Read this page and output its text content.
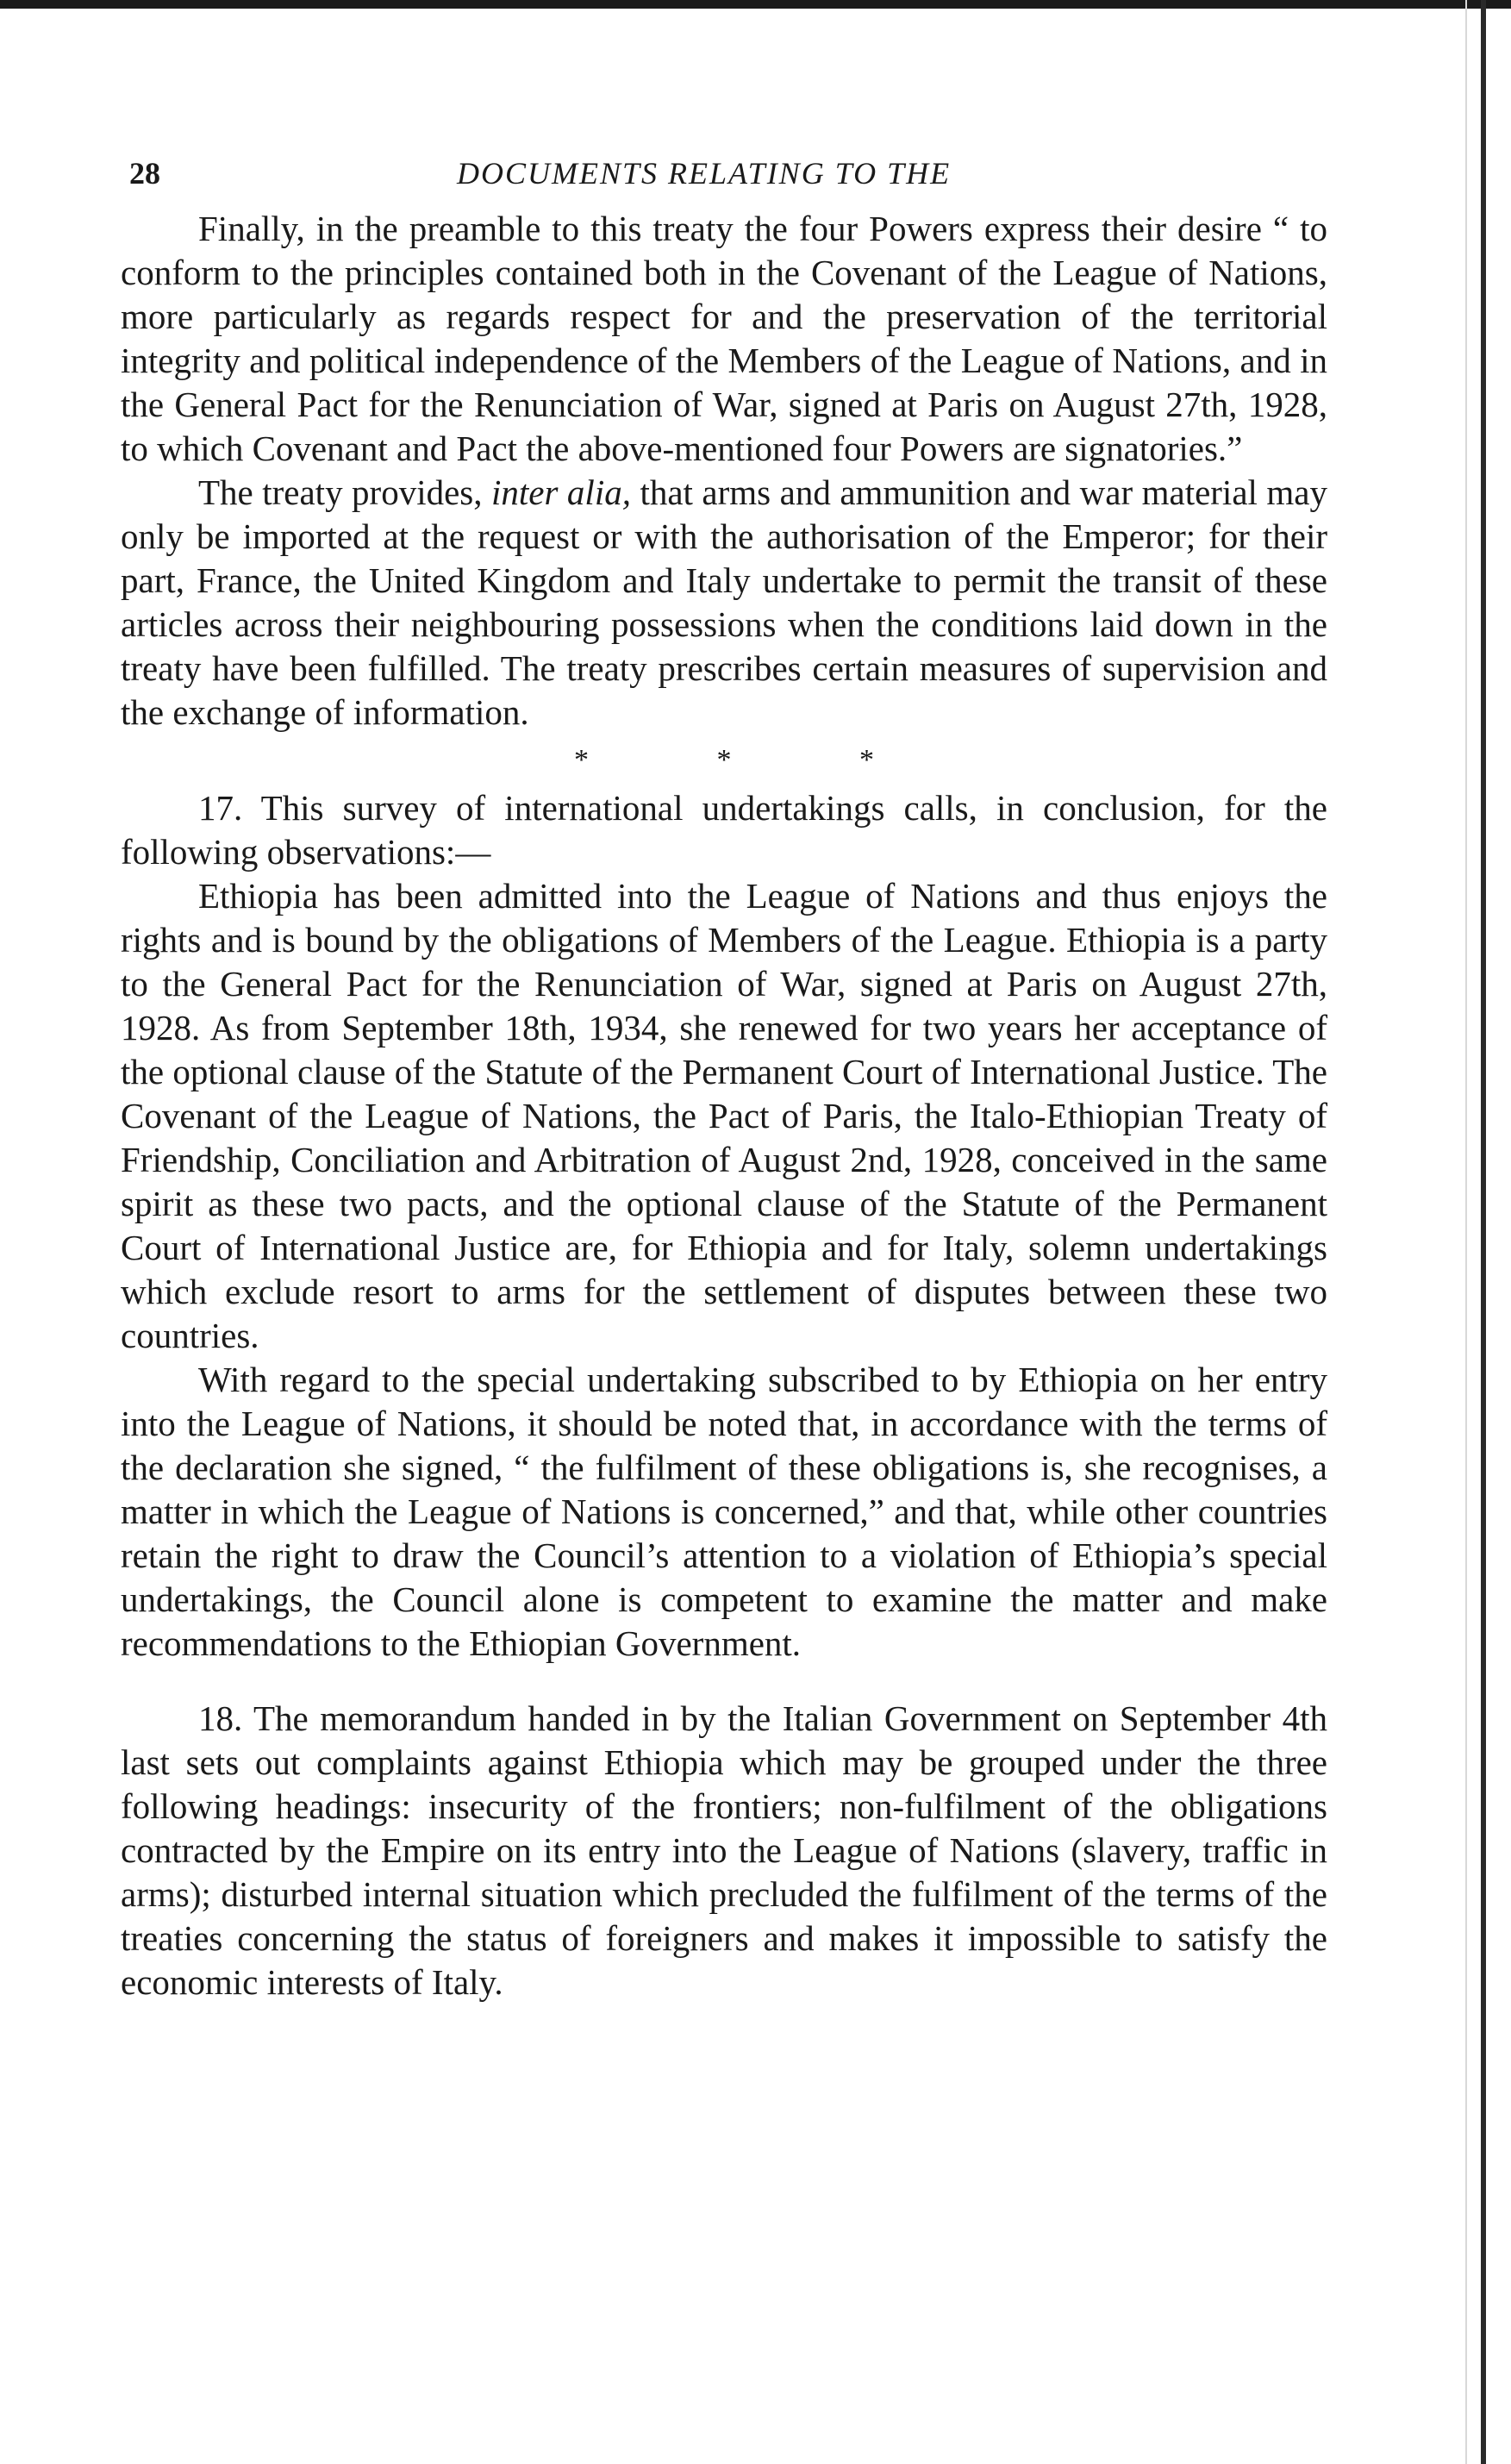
28	DOCUMENTS RELATING TO THE

Finally, in the preamble to this treaty the four Powers express their desire “ to conform to the principles contained both in the Covenant of the League of Nations, more particularly as regards respect for and the preservation of the territorial integrity and political independence of the Members of the League of Nations, and in the General Pact for the Renunciation of War, signed at Paris on August 27th, 1928, to which Covenant and Pact the above-mentioned four Powers are signatories.”

The treaty provides, inter alia, that arms and ammunition and war material may only be imported at the request or with the authorisation of the Emperor; for their part, France, the United Kingdom and Italy undertake to permit the transit of these articles across their neighbouring possessions when the conditions laid down in the treaty have been fulfilled. The treaty prescribes certain measures of supervision and the exchange of information.

* * *

17. This survey of international undertakings calls, in conclusion, for the following observations:—

Ethiopia has been admitted into the League of Nations and thus enjoys the rights and is bound by the obligations of Members of the League. Ethiopia is a party to the General Pact for the Renunciation of War, signed at Paris on August 27th, 1928. As from September 18th, 1934, she renewed for two years her acceptance of the optional clause of the Statute of the Permanent Court of International Justice. The Covenant of the League of Nations, the Pact of Paris, the Italo-Ethiopian Treaty of Friendship, Conciliation and Arbitration of August 2nd, 1928, conceived in the same spirit as these two pacts, and the optional clause of the Statute of the Permanent Court of International Justice are, for Ethiopia and for Italy, solemn undertakings which exclude resort to arms for the settlement of disputes between these two countries.

With regard to the special undertaking subscribed to by Ethiopia on her entry into the League of Nations, it should be noted that, in accordance with the terms of the declaration she signed, “ the fulfilment of these obligations is, she recognises, a matter in which the League of Nations is concerned,” and that, while other countries retain the right to draw the Council’s attention to a violation of Ethiopia’s special undertakings, the Council alone is competent to examine the matter and make recommendations to the Ethiopian Government.

18. The memorandum handed in by the Italian Government on September 4th last sets out complaints against Ethiopia which may be grouped under the three following headings: insecurity of the frontiers; non-fulfilment of the obligations contracted by the Empire on its entry into the League of Nations (slavery, traffic in arms); disturbed internal situation which precluded the fulfilment of the terms of the treaties concerning the status of foreigners and makes it impossible to satisfy the economic interests of Italy.
